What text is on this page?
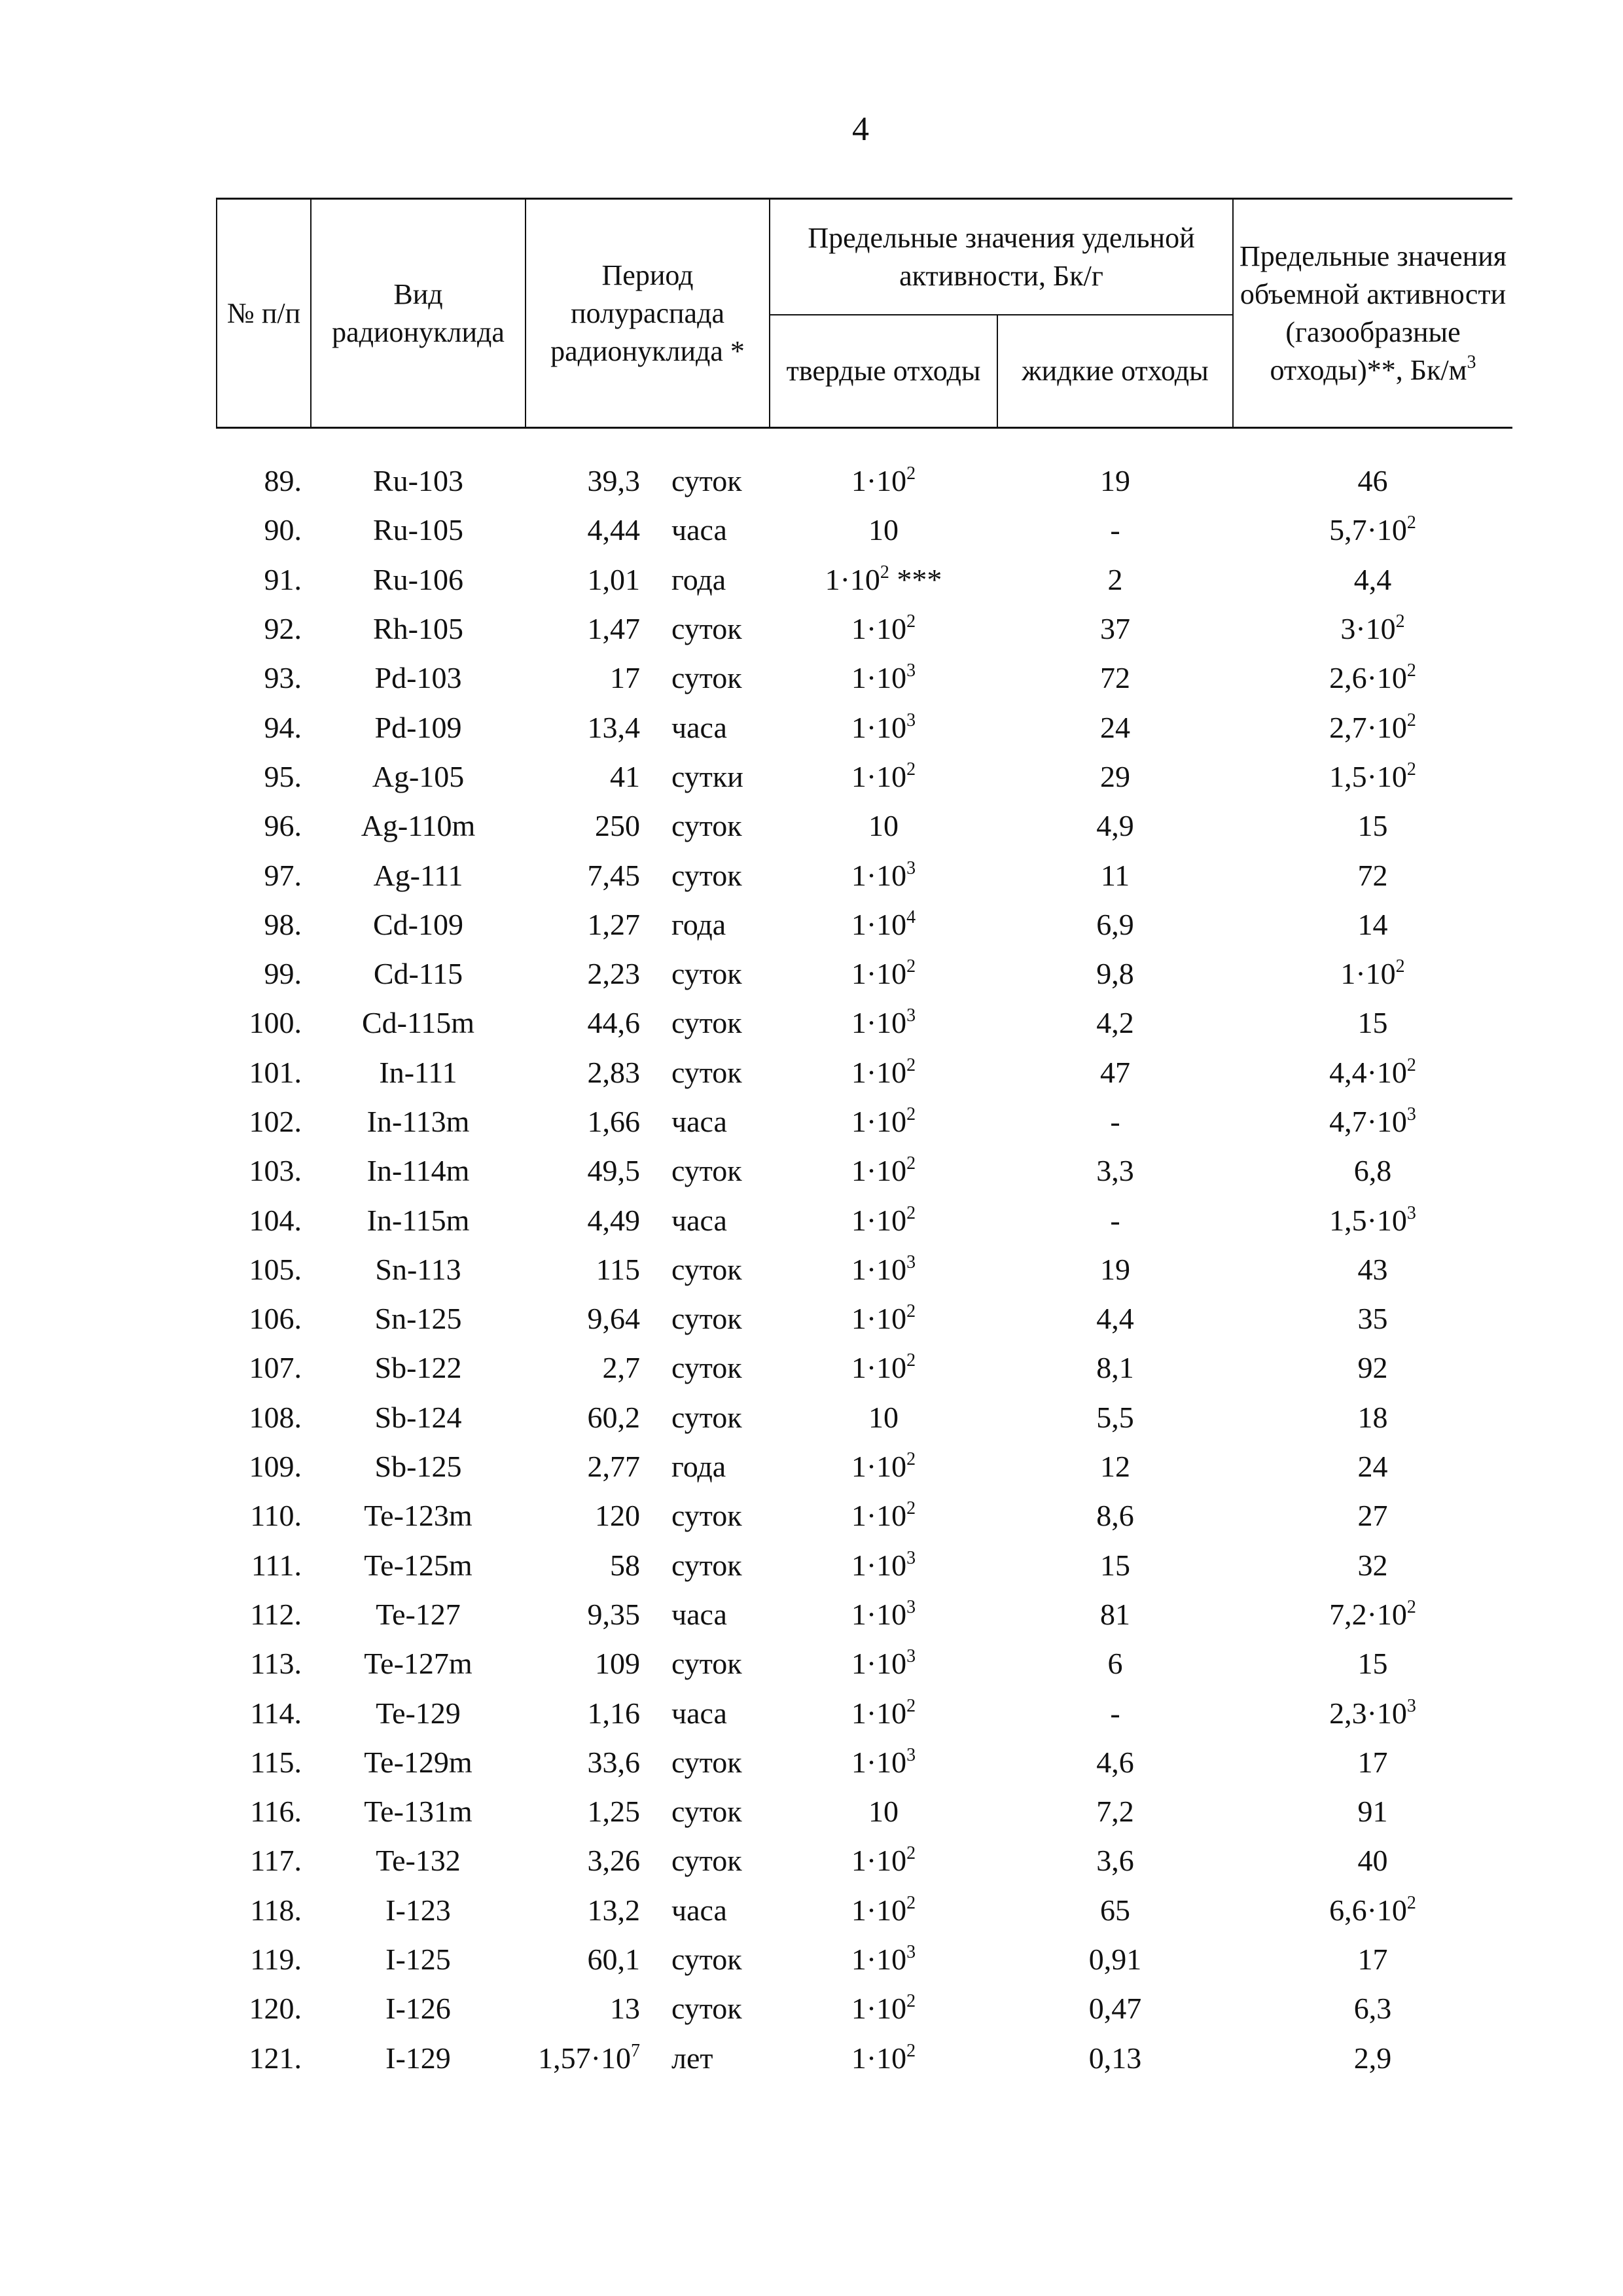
4
№ п/п	Вид радионуклида	Период полураспада радионуклида *		Предельные значения удельной активности, Бк/г		Предельные значения объемной активности (газообразные отходы)**, $Бк/м^3$
				твердые отходы	жидкие отходы	

89.	Ru-103	39,3	суток	$1\cdot 10^2$	19	46
90.	Ru-105	4,44	часа	10	-	$5,7\cdot 10^2$
91.	Ru-106	1,01	года	$1\cdot 10^2$ ***	2	4,4
92.	Rh-105	1,47	суток	$1\cdot 10^2$	37	$3\cdot 10^2$
93.	Pd-103	17	суток	$1\cdot 10^3$	72	$2,6\cdot 10^2$
94.	Pd-109	13,4	часа	$1\cdot 10^3$	24	$2,7\cdot 10^2$
95.	Ag-105	41	сутки	$1\cdot 10^2$	29	$1,5\cdot 10^2$
96.	Ag-110m	250	суток	10	4,9	15
97.	Ag-111	7,45	суток	$1\cdot 10^3$	11	72
98.	Cd-109	1,27	года	$1\cdot 10^4$	6,9	14
99.	Cd-115	2,23	суток	$1\cdot 10^2$	9,8	$1\cdot 10^2$
100.	Cd-115m	44,6	суток	$1\cdot 10^3$	4,2	15
101.	In-111	2,83	суток	$1\cdot 10^2$	47	$4,4\cdot 10^2$
102.	In-113m	1,66	часа	$1\cdot 10^2$	-	$4,7\cdot 10^3$
103.	In-114m	49,5	суток	$1\cdot 10^2$	3,3	6,8
104.	In-115m	4,49	часа	$1\cdot 10^2$	-	$1,5\cdot 10^3$
105.	Sn-113	115	суток	$1\cdot 10^3$	19	43
106.	Sn-125	9,64	суток	$1\cdot 10^2$	4,4	35
107.	Sb-122	2,7	суток	$1\cdot 10^2$	8,1	92
108.	Sb-124	60,2	суток	10	5,5	18
109.	Sb-125	2,77	года	$1\cdot 10^2$	12	24
110.	Te-123m	120	суток	$1\cdot 10^2$	8,6	27
111.	Te-125m	58	суток	$1\cdot 10^3$	15	32
112.	Te-127	9,35	часа	$1\cdot 10^3$	81	$7,2\cdot 10^2$
113.	Te-127m	109	суток	$1\cdot 10^3$	6	15
114.	Te-129	1,16	часа	$1\cdot 10^2$	-	$2,3\cdot 10^3$
115.	Te-129m	33,6	суток	$1\cdot 10^3$	4,6	17
116.	Te-131m	1,25	суток	10	7,2	91
117.	Te-132	3,26	суток	$1\cdot 10^2$	3,6	40
118.	I-123	13,2	часа	$1\cdot 10^2$	65	$6,6\cdot 10^2$
119.	I-125	60,1	суток	$1\cdot 10^3$	0,91	17
120.	I-126	13	суток	$1\cdot 10^2$	0,47	6,3
121.	I-129	$1,57\cdot 10^7$	лет	$1\cdot 10^2$	0,13	2,9
